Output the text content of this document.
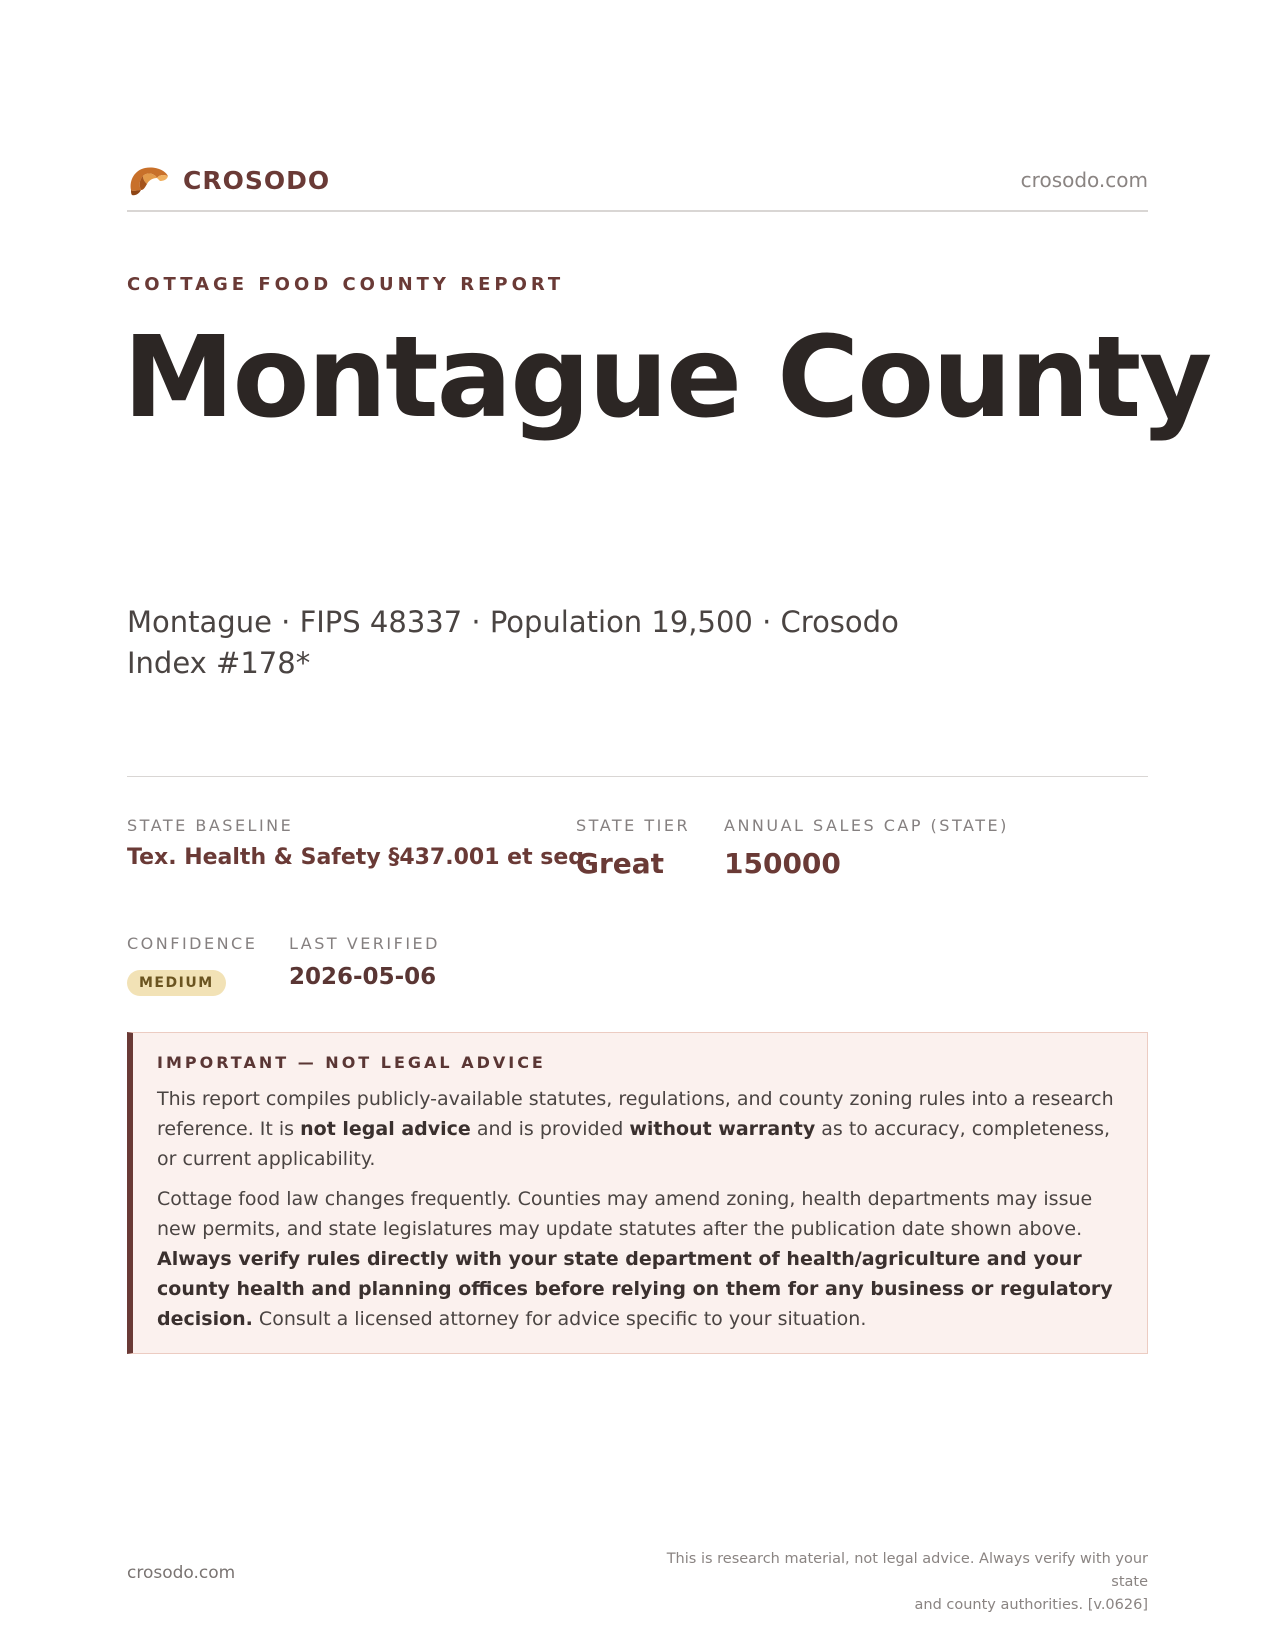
CROSODO	crosodo.com
COTTAGE FOOD COUNTY REPORT
Montague County
Montague · FIPS 48337 · Population 19,500 · Crosodo Index #178*
STATE BASELINE
Tex. Health & Safety §437.001 et seq.
STATE TIER
Great
ANNUAL SALES CAP (STATE)
150000
CONFIDENCE
MEDIUM
LAST VERIFIED
2026-05-06
IMPORTANT — NOT LEGAL ADVICE

This report compiles publicly-available statutes, regulations, and county zoning rules into a research reference. It is not legal advice and is provided without warranty as to accuracy, completeness, or current applicability.

Cottage food law changes frequently. Counties may amend zoning, health departments may issue new permits, and state legislatures may update statutes after the publication date shown above. Always verify rules directly with your state department of health/agriculture and your county health and planning offices before relying on them for any business or regulatory decision. Consult a licensed attorney for advice specific to your situation.

crosodo.com
This is research material, not legal advice. Always verify with your state
and county authorities. [v.0626]
